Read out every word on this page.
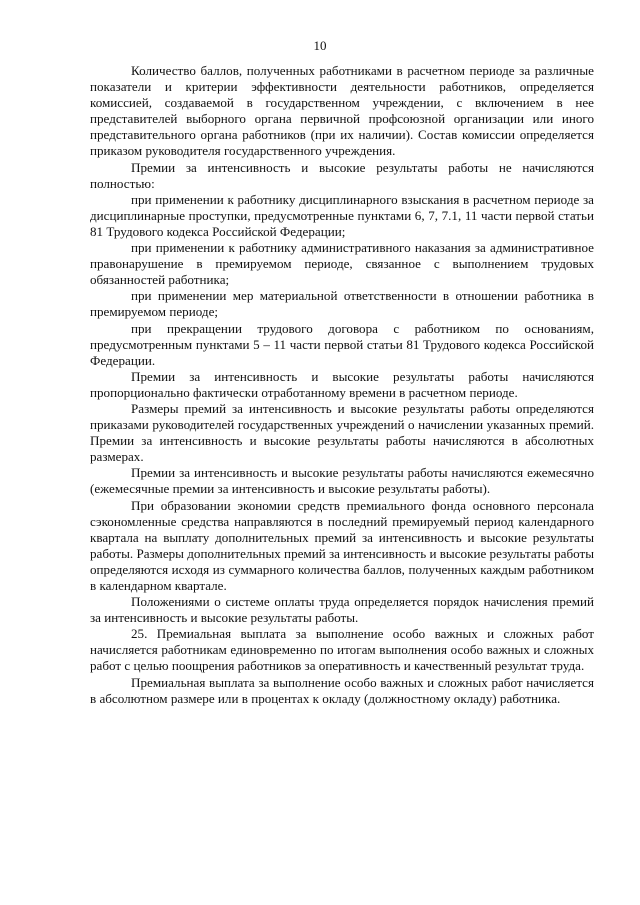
10

Количество баллов, полученных работниками в расчетном периоде за различные показатели и критерии эффективности деятельности работников, определяется комиссией, создаваемой в государственном учреждении, с включением в нее представителей выборного органа первичной профсоюзной организации или иного представительного органа работников (при их наличии). Состав комиссии определяется приказом руководителя государственного учреждения.

Премии за интенсивность и высокие результаты работы не начисляются полностью:

при применении к работнику дисциплинарного взыскания в расчетном периоде за дисциплинарные проступки, предусмотренные пунктами 6, 7, 7.1, 11 части первой статьи 81 Трудового кодекса Российской Федерации;

при применении к работнику административного наказания за административное правонарушение в премируемом периоде, связанное с выполнением трудовых обязанностей работника;

при применении мер материальной ответственности в отношении работника в премируемом периоде;

при прекращении трудового договора с работником по основаниям, предусмотренным пунктами 5 – 11 части первой статьи 81 Трудового кодекса Российской Федерации.

Премии за интенсивность и высокие результаты работы начисляются пропорционально фактически отработанному времени в расчетном периоде.

Размеры премий за интенсивность и высокие результаты работы определяются приказами руководителей государственных учреждений о начислении указанных премий. Премии за интенсивность и высокие результаты работы начисляются в абсолютных размерах.

Премии за интенсивность и высокие результаты работы начисляются ежемесячно (ежемесячные премии за интенсивность и высокие результаты работы).

При образовании экономии средств премиального фонда основного персонала сэкономленные средства направляются в последний премируемый период календарного квартала на выплату дополнительных премий за интенсивность и высокие результаты работы. Размеры дополнительных премий за интенсивность и высокие результаты работы определяются исходя из суммарного количества баллов, полученных каждым работником в календарном квартале.

Положениями о системе оплаты труда определяется порядок начисления премий за интенсивность и высокие результаты работы.

25. Премиальная выплата за выполнение особо важных и сложных работ начисляется работникам единовременно по итогам выполнения особо важных и сложных работ с целью поощрения работников за оперативность и качественный результат труда.

Премиальная выплата за выполнение особо важных и сложных работ начисляется в абсолютном размере или в процентах к окладу (должностному окладу) работника.
